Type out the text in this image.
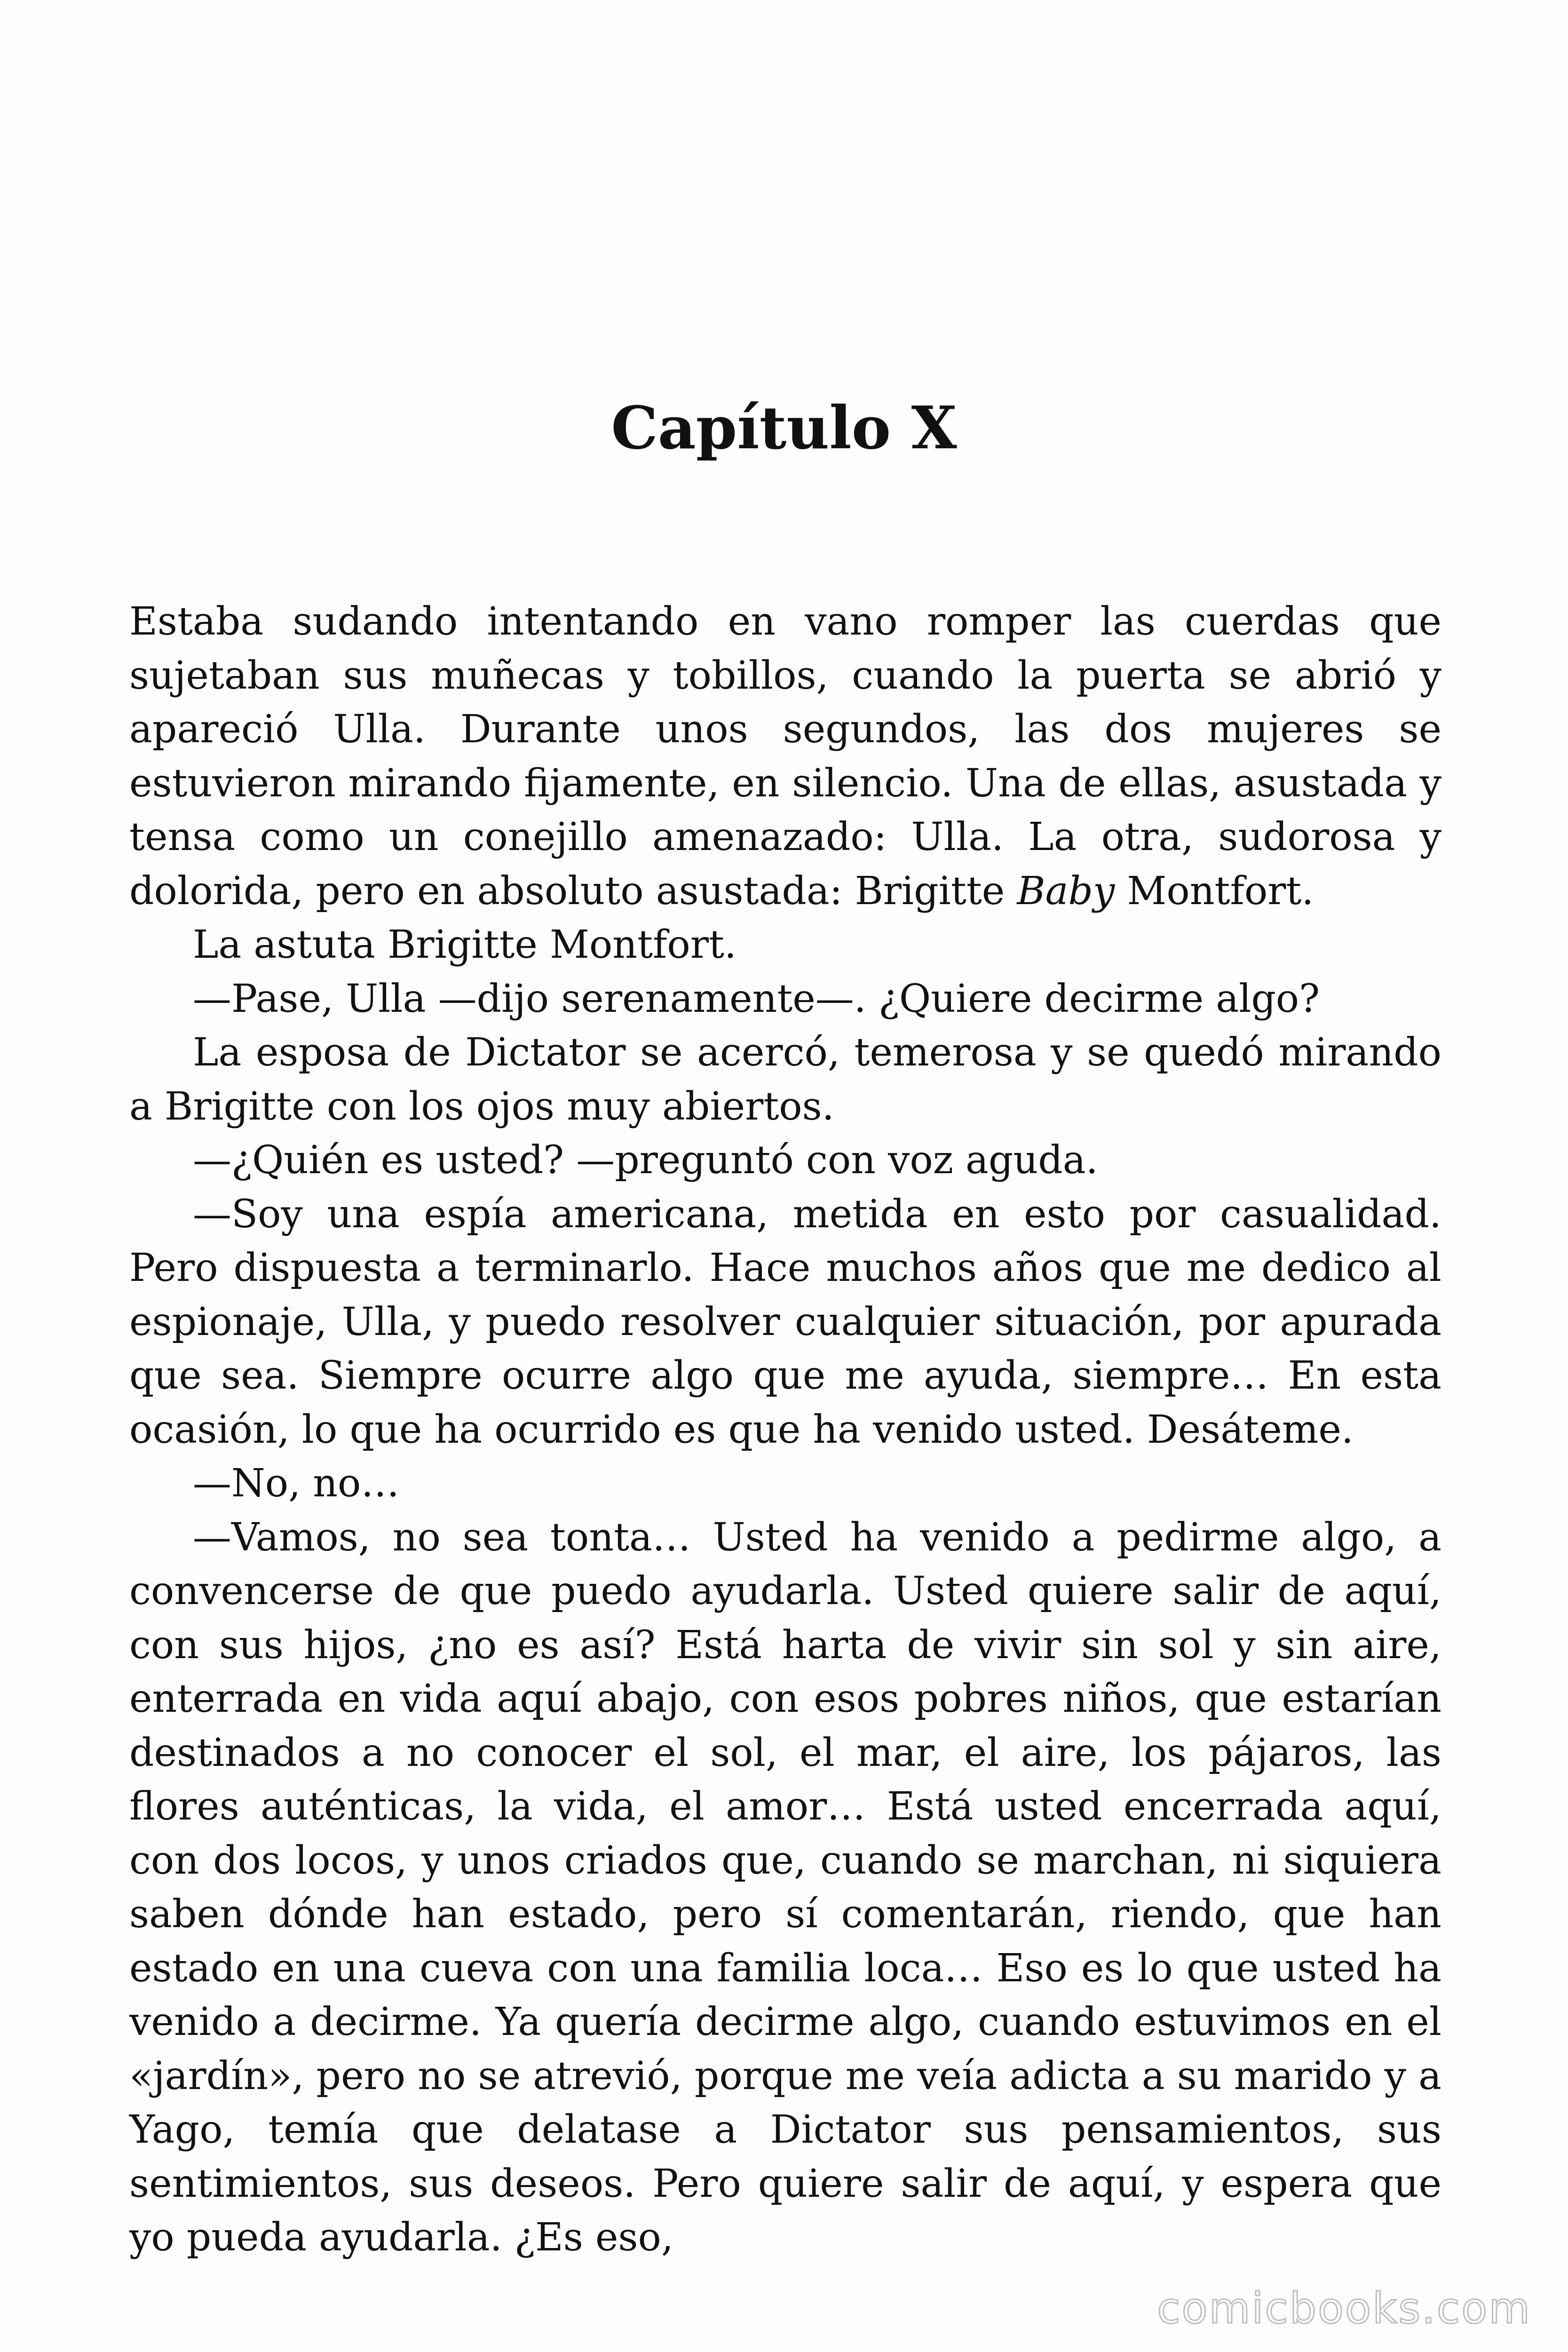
Capítulo X

Estaba sudando intentando en vano romper las cuerdas que sujetaban sus muñecas y tobillos, cuando la puerta se abrió y apareció Ulla. Durante unos segundos, las dos mujeres se estuvieron mirando fijamente, en silencio. Una de ellas, asustada y tensa como un conejillo amenazado: Ulla. La otra, sudorosa y dolorida, pero en absoluto asustada: Brigitte Baby Montfort.

La astuta Brigitte Montfort.

—Pase, Ulla —dijo serenamente—. ¿Quiere decirme algo?

La esposa de Dictator se acercó, temerosa y se quedó mirando a Brigitte con los ojos muy abiertos.

—¿Quién es usted? —preguntó con voz aguda.

—Soy una espía americana, metida en esto por casualidad. Pero dispuesta a terminarlo. Hace muchos años que me dedico al espionaje, Ulla, y puedo resolver cualquier situación, por apurada que sea. Siempre ocurre algo que me ayuda, siempre… En esta ocasión, lo que ha ocurrido es que ha venido usted. Desáteme.

—No, no…

—Vamos, no sea tonta… Usted ha venido a pedirme algo, a convencerse de que puedo ayudarla. Usted quiere salir de aquí, con sus hijos, ¿no es así? Está harta de vivir sin sol y sin aire, enterrada en vida aquí abajo, con esos pobres niños, que estarían destinados a no conocer el sol, el mar, el aire, los pájaros, las flores auténticas, la vida, el amor… Está usted encerrada aquí, con dos locos, y unos criados que, cuando se marchan, ni siquiera saben dónde han estado, pero sí comentarán, riendo, que han estado en una cueva con una familia loca… Eso es lo que usted ha venido a decirme. Ya quería decirme algo, cuando estuvimos en el «jardín», pero no se atrevió, porque me veía adicta a su marido y a Yago, temía que delatase a Dictator sus pensamientos, sus sentimientos, sus deseos. Pero quiere salir de aquí, y espera que yo pueda ayudarla. ¿Es eso,

comicbooks.com
